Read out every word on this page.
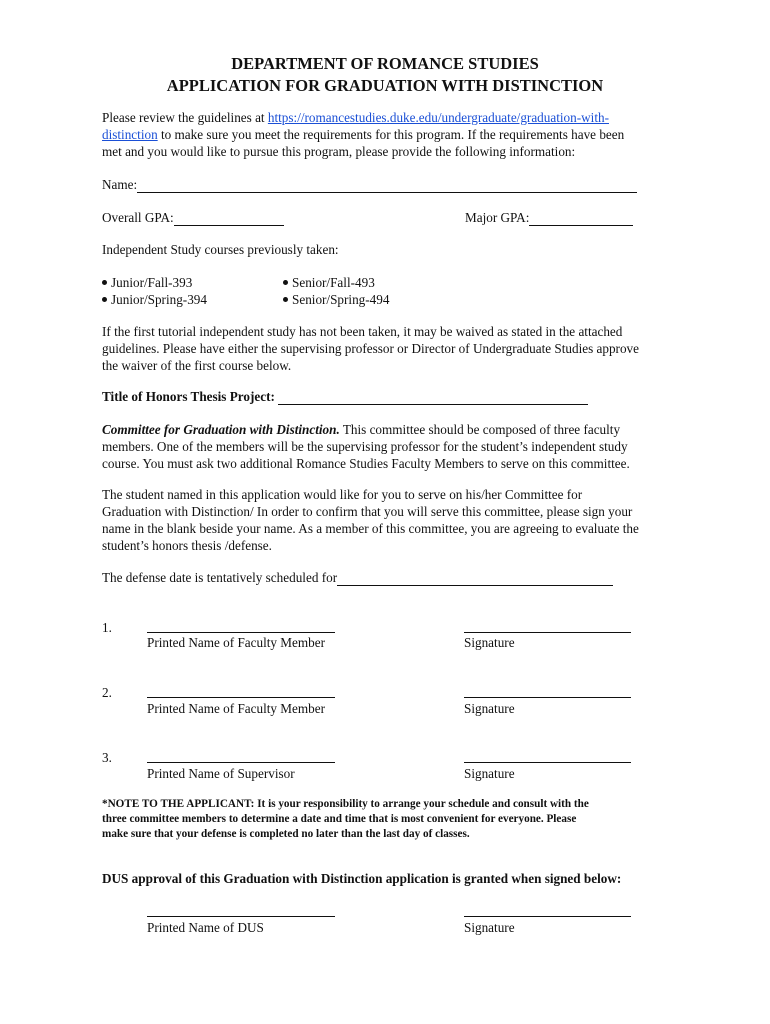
DEPARTMENT OF ROMANCE STUDIES
APPLICATION FOR GRADUATION WITH DISTINCTION
Please review the guidelines at https://romancestudies.duke.edu/undergraduate/graduation-with-
distinction to make sure you meet the requirements for this program. If the requirements have been
met and you would like to pursue this program, please provide the following information:
Name:
Overall GPA:	Major GPA:
Independent Study courses previously taken:
Junior/Fall-393
Junior/Spring-394
Senior/Fall-493
Senior/Spring-494
If the first tutorial independent study has not been taken, it may be waived as stated in the attached
guidelines. Please have either the supervising professor or Director of Undergraduate Studies approve
the waiver of the first course below.
Title of Honors Thesis Project:
Committee for Graduation with Distinction. This committee should be composed of three faculty
members. One of the members will be the supervising professor for the student’s independent study
course. You must ask two additional Romance Studies Faculty Members to serve on this committee.
The student named in this application would like for you to serve on his/her Committee for
Graduation with Distinction/ In order to confirm that you will serve this committee, please sign your
name in the blank beside your name. As a member of this committee, you are agreeing to evaluate the
student’s honors thesis /defense.
The defense date is tentatively scheduled for
1.
Printed Name of Faculty Member	Signature
2.
Printed Name of Faculty Member	Signature
3.
Printed Name of Supervisor	Signature
*NOTE TO THE APPLICANT: It is your responsibility to arrange your schedule and consult with the
three committee members to determine a date and time that is most convenient for everyone. Please
make sure that your defense is completed no later than the last day of classes.
DUS approval of this Graduation with Distinction application is granted when signed below:
Printed Name of DUS	Signature
